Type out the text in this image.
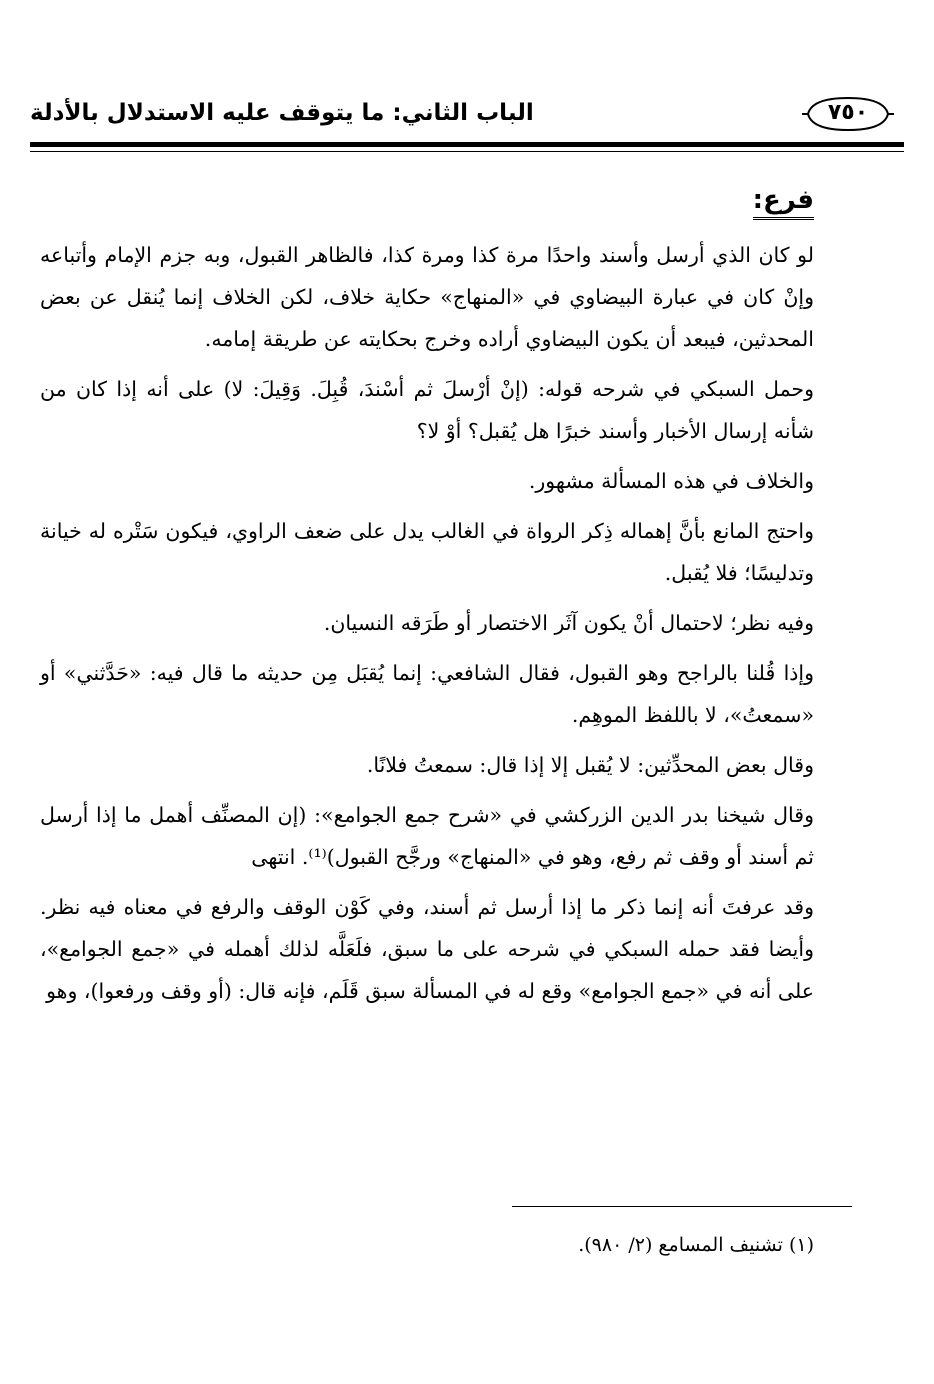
٧٥٠
الباب الثاني: ما يتوقف عليه الاستدلال بالأدلة
فرع:

لو كان الذي أرسل وأسند واحدًا مرة كذا ومرة كذا، فالظاهر القبول، وبه جزم الإمام وأتباعه وإنْ كان في عبارة البيضاوي في «المنهاج» حكاية خلاف، لكن الخلاف إنما يُنقل عن بعض المحدثين، فيبعد أن يكون البيضاوي أراده وخرج بحكايته عن طريقة إمامه.

وحمل السبكي في شرحه قوله: (إنْ أرْسلَ ثم أسْندَ، قُبِلَ. وَقِيلَ: لا) على أنه إذا كان من شأنه إرسال الأخبار وأسند خبرًا هل يُقبل؟ أوْ لا؟

والخلاف في هذه المسألة مشهور.

واحتج المانع بأنَّ إهماله ذِكر الرواة في الغالب يدل على ضعف الراوي، فيكون سَتْره له خيانة وتدليسًا؛ فلا يُقبل.

وفيه نظر؛ لاحتمال أنْ يكون آثَر الاختصار أو طَرَقه النسيان.

وإذا قُلنا بالراجح وهو القبول، فقال الشافعي: إنما يُقبَل مِن حديثه ما قال فيه: «حَدَّثني» أو «سمعتُ»، لا باللفظ الموهِم.

وقال بعض المحدِّثين: لا يُقبل إلا إذا قال: سمعتُ فلانًا.

وقال شيخنا بدر الدين الزركشي في «شرح جمع الجوامع»: (إن المصنِّف أهمل ما إذا أرسل ثم أسند أو وقف ثم رفع، وهو في «المنهاج» ورجَّح القبول)⁽¹⁾. انتهى

وقد عرفتَ أنه إنما ذكر ما إذا أرسل ثم أسند، وفي كَوْن الوقف والرفع في معناه فيه نظر. وأيضا فقد حمله السبكي في شرحه على ما سبق، فلَعَلَّه لذلك أهمله في «جمع الجوامع»، على أنه في «جمع الجوامع» وقع له في المسألة سبق قَلَم، فإنه قال: (أو وقف ورفعوا)، وهو

(١) تشنيف المسامع (٢/ ٩٨٠).
